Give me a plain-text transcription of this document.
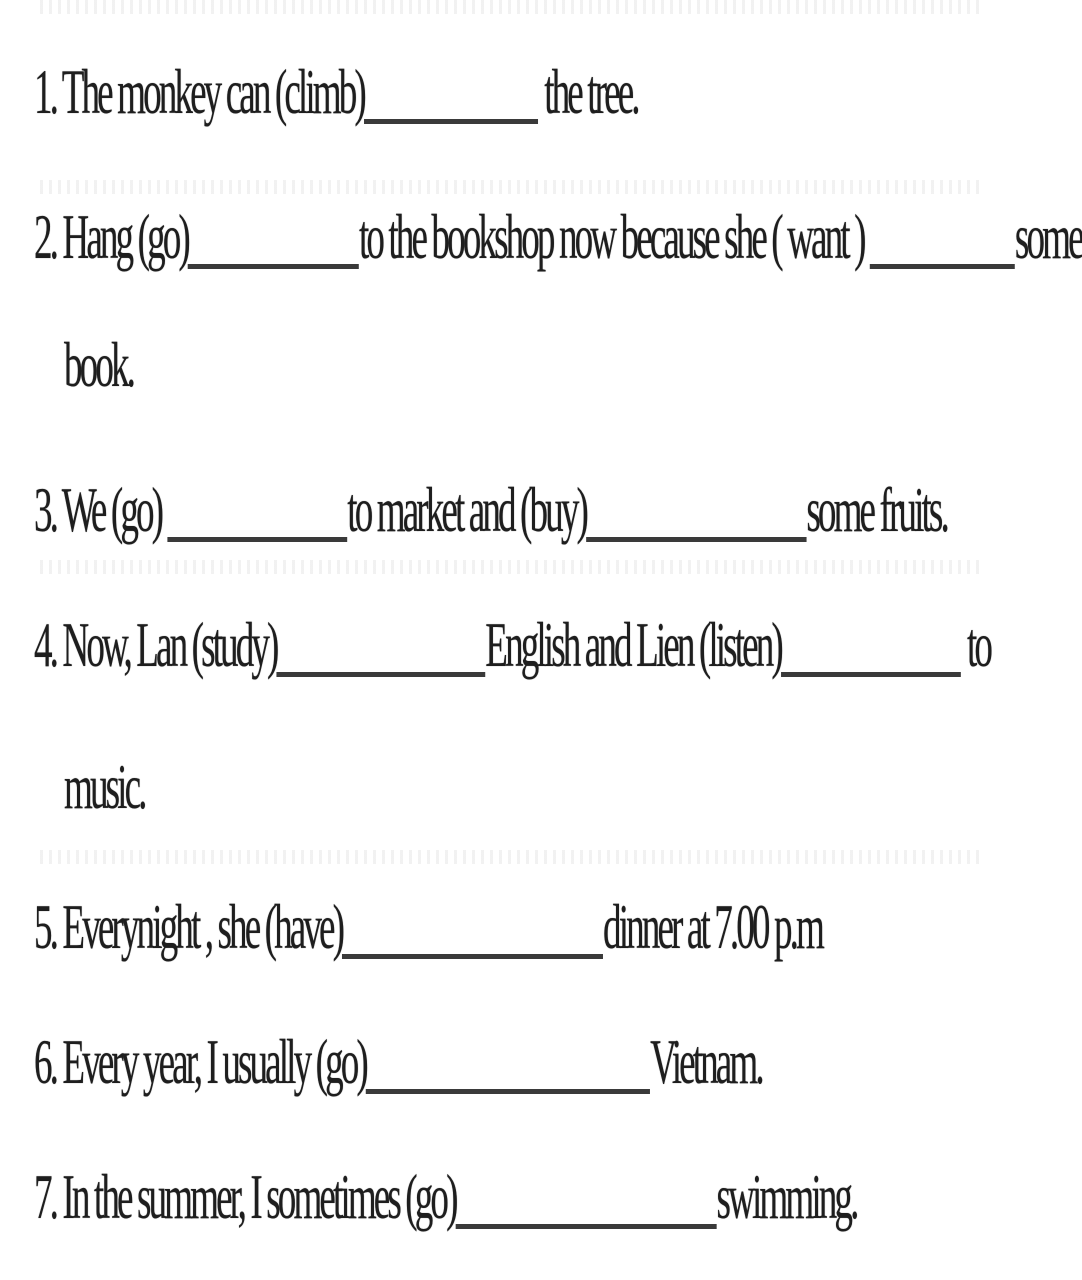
1. The monkey can (climb)	the tree.
2. Hang (go)	to the bookshop now because she ( want ) some
book.
3. We (go)	to market and (buy)	some fruits.
4. Now, Lan (study)	English and Lien (listen)	to
music.
5. Everynight , she (have)	dinner at 7.00 p.m
6. Every year, I usually (go)	Vietnam.
7. In the summer, I sometimes (go)	swimming.
